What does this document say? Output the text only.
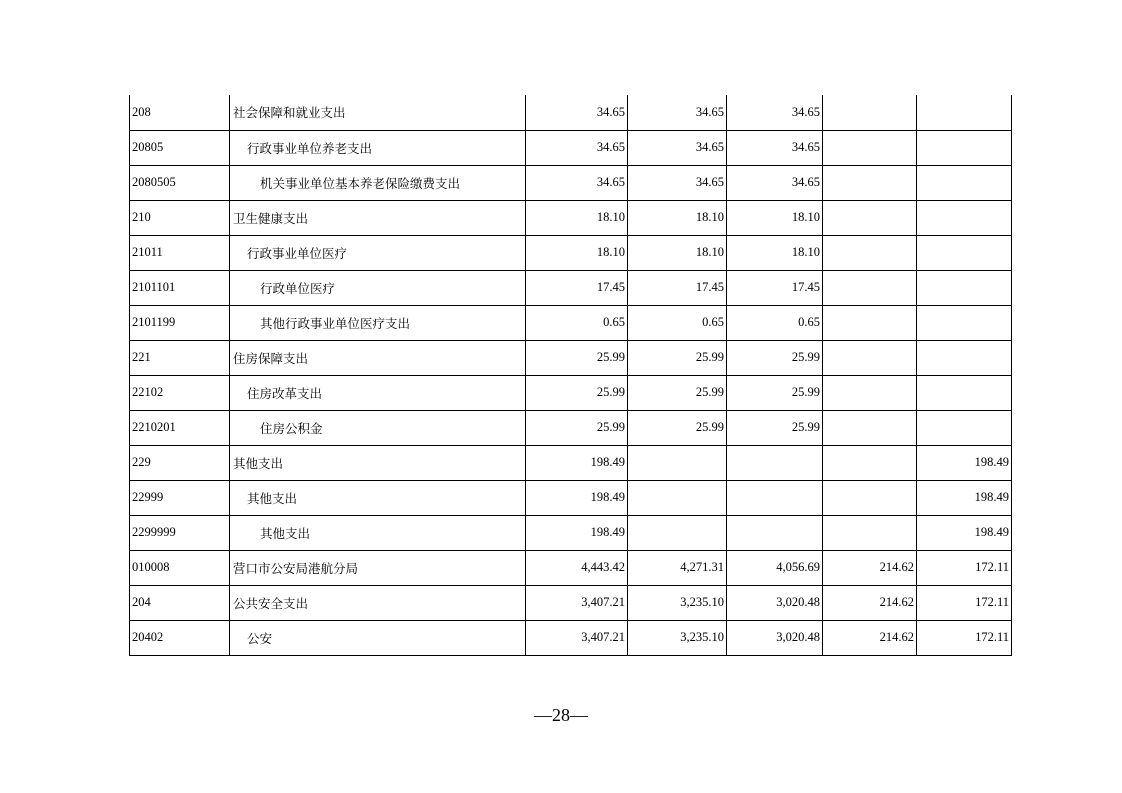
208	社会保障和就业支出	34.65	34.65	34.65		
20805	行政事业单位养老支出	34.65	34.65	34.65		
2080505	机关事业单位基本养老保险缴费支出	34.65	34.65	34.65		
210	卫生健康支出	18.10	18.10	18.10		
21011	行政事业单位医疗	18.10	18.10	18.10		
2101101	行政单位医疗	17.45	17.45	17.45		
2101199	其他行政事业单位医疗支出	0.65	0.65	0.65		
221	住房保障支出	25.99	25.99	25.99		
22102	住房改革支出	25.99	25.99	25.99		
2210201	住房公积金	25.99	25.99	25.99		
229	其他支出	198.49				198.49
22999	其他支出	198.49				198.49
2299999	其他支出	198.49				198.49
010008	营口市公安局港航分局	4,443.42	4,271.31	4,056.69	214.62	172.11
204	公共安全支出	3,407.21	3,235.10	3,020.48	214.62	172.11
20402	公安	3,407.21	3,235.10	3,020.48	214.62	172.11
—28—
